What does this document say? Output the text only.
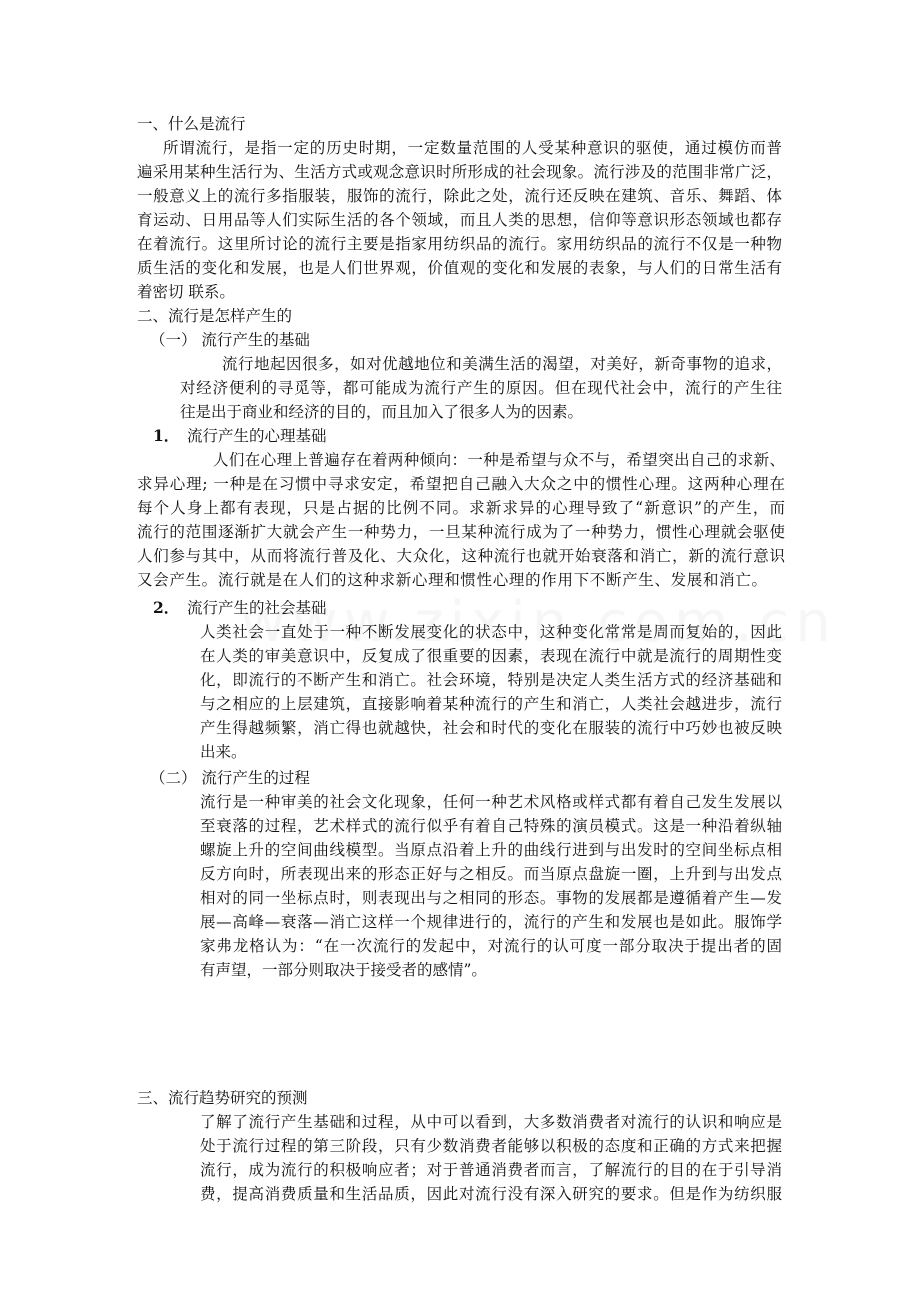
一、什么是流行
所谓流行，是指一定的历史时期，一定数量范围的人受某种意识的驱使，通过模仿而普
遍采用某种生活行为、生活方式或观念意识时所形成的社会现象。流行涉及的范围非常广泛，
一般意义上的流行多指服装，服饰的流行，除此之处，流行还反映在建筑、音乐、舞蹈、体
育运动、日用品等人们实际生活的各个领域，而且人类的思想，信仰等意识形态领域也都存
在着流行。这里所讨论的流行主要是指家用纺织品的流行。家用纺织品的流行不仅是一种物
质生活的变化和发展，也是人们世界观，价值观的变化和发展的表象，与人们的日常生活有
着密切 联系。
二、流行是怎样产生的
（一） 流行产生的基础
流行地起因很多，如对优越地位和美满生活的渴望，对美好，新奇事物的追求，
对经济便利的寻觅等，都可能成为流行产生的原因。但在现代社会中，流行的产生往
往是出于商业和经济的目的，而且加入了很多人为的因素。
1． 流行产生的心理基础
人们在心理上普遍存在着两种倾向：一种是希望与众不与，希望突出自己的求新、
求异心理; 一种是在习惯中寻求安定，希望把自己融入大众之中的惯性心理。这两种心理在
每个人身上都有表现，只是占据的比例不同。求新求异的心理导致了“新意识”的产生，而
流行的范围逐渐扩大就会产生一种势力，一旦某种流行成为了一种势力，惯性心理就会驱使
人们参与其中，从而将流行普及化、大众化，这种流行也就开始衰落和消亡，新的流行意识
又会产生。流行就是在人们的这种求新心理和惯性心理的作用下不断产生、发展和消亡。
2． 流行产生的社会基础
人类社会一直处于一种不断发展变化的状态中，这种变化常常是周而复始的，因此
在人类的审美意识中，反复成了很重要的因素，表现在流行中就是流行的周期性变
化，即流行的不断产生和消亡。社会环境，特别是决定人类生活方式的经济基础和
与之相应的上层建筑，直接影响着某种流行的产生和消亡，人类社会越进步，流行
产生得越频繁，消亡得也就越快，社会和时代的变化在服装的流行中巧妙也被反映
出来。
（二） 流行产生的过程
流行是一种审美的社会文化现象，任何一种艺术风格或样式都有着自己发生发展以
至衰落的过程，艺术样式的流行似乎有着自己特殊的演员模式。这是一种沿着纵轴
螺旋上升的空间曲线模型。当原点沿着上升的曲线行进到与出发时的空间坐标点相
反方向时，所表现出来的形态正好与之相反。而当原点盘旋一圈，上升到与出发点
相对的同一坐标点时，则表现出与之相同的形态。事物的发展都是遵循着产生—发
展—高峰—衰落—消亡这样一个规律进行的，流行的产生和发展也是如此。服饰学
家弗龙格认为：“在一次流行的发起中，对流行的认可度一部分取决于提出者的固
有声望，一部分则取决于接受者的感情”。
三、流行趋势研究的预测
了解了流行产生基础和过程，从中可以看到，大多数消费者对流行的认识和响应是
处于流行过程的第三阶段，只有少数消费者能够以积极的态度和正确的方式来把握
流行，成为流行的积极响应者；对于普通消费者而言，了解流行的目的在于引导消
费，提高消费质量和生活品质，因此对流行没有深入研究的要求。但是作为纺织服
